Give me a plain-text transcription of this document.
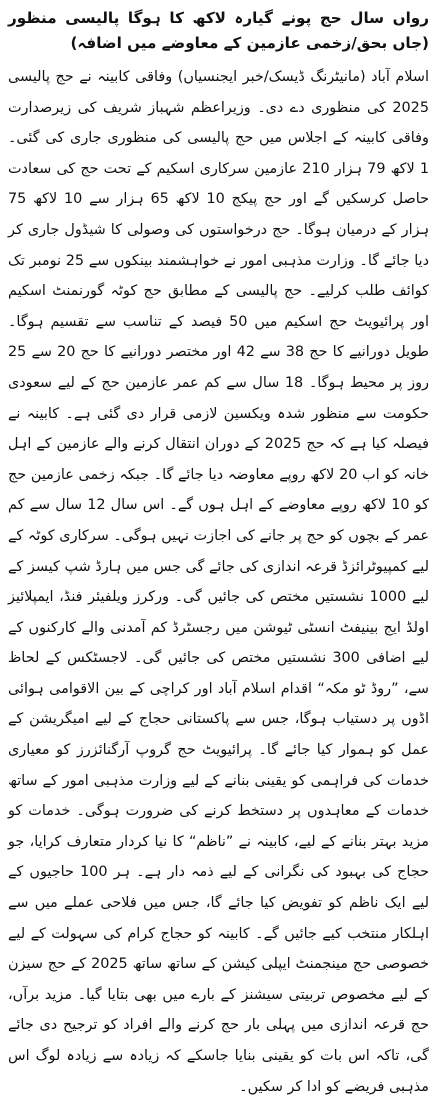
رواں سال حج پونے گیارہ لاکھ کا ہوگا پالیسی منظور (جاں بحق/زخمی عازمین کے معاوضے میں اضافہ)

اسلام آباد (مانیٹرنگ ڈیسک/خبر ایجنسیاں) وفاقی کابینہ نے حج پالیسی 2025 کی منظوری دے دی۔ وزیراعظم شہباز شریف کی زیرصدارت وفاقی کابینہ کے اجلاس میں حج پالیسی کی منظوری جاری کی گئی۔ 1 لاکھ 79 ہزار 210 عازمین سرکاری اسکیم کے تحت حج کی سعادت حاصل کرسکیں گے اور حج پیکج 10 لاکھ 65 ہزار سے 10 لاکھ 75 ہزار کے درمیان ہوگا۔ حج درخواستوں کی وصولی کا شیڈول جاری کر دیا جائے گا۔ وزارت مذہبی امور نے خواہشمند بینکوں سے 25 نومبر تک کوائف طلب کرلیے۔ حج پالیسی کے مطابق حج کوٹہ گورنمنٹ اسکیم اور پرائیویٹ حج اسکیم میں 50 فیصد کے تناسب سے تقسیم ہوگا۔ طویل دورانیے کا حج 38 سے 42 اور مختصر دورانیے کا حج 20 سے 25 روز پر محیط ہوگا۔ 18 سال سے کم عمر عازمین حج کے لیے سعودی حکومت سے منظور شدہ ویکسین لازمی قرار دی گئی ہے۔ کابینہ نے فیصلہ کیا ہے کہ حج 2025 کے دوران انتقال کرنے والے عازمین کے اہل خانہ کو اب 20 لاکھ روپے معاوضہ دیا جائے گا۔ جبکہ زخمی عازمین حج کو 10 لاکھ روپے معاوضے کے اہل ہوں گے۔ اس سال 12 سال سے کم عمر کے بچوں کو حج پر جانے کی اجازت نہیں ہوگی۔ سرکاری کوٹہ کے لیے کمپیوٹرائزڈ قرعہ اندازی کی جائے گی جس میں ہارڈ شپ کیسز کے لیے 1000 نشستیں مختص کی جائیں گی۔ ورکرز ویلفیئر فنڈ، ایمپلائیز اولڈ ایج بینیفٹ انسٹی ٹیوشن میں رجسٹرڈ کم آمدنی والے کارکنوں کے لیے اضافی 300 نشستیں مختص کی جائیں گی۔ لاجسٹکس کے لحاظ سے، ”روڈ ٹو مکہ“ اقدام اسلام آباد اور کراچی کے بین الاقوامی ہوائی اڈوں پر دستیاب ہوگا، جس سے پاکستانی حجاج کے لیے امیگریشن کے عمل کو ہموار کیا جائے گا۔ پرائیویٹ حج گروپ آرگنائزرز کو معیاری خدمات کی فراہمی کو یقینی بنانے کے لیے وزارت مذہبی امور کے ساتھ خدمات کے معاہدوں پر دستخط کرنے کی ضرورت ہوگی۔ خدمات کو مزید بہتر بنانے کے لیے، کابینہ نے ”ناظم“ کا نیا کردار متعارف کرایا، جو حجاج کی بہبود کی نگرانی کے لیے ذمہ دار ہے۔ ہر 100 حاجیوں کے لیے ایک ناظم کو تفویض کیا جائے گا، جس میں فلاحی عملے میں سے اہلکار منتخب کیے جائیں گے۔ کابینہ کو حجاج کرام کی سہولت کے لیے خصوصی حج مینجمنٹ ایپلی کیشن کے ساتھ ساتھ 2025 کے حج سیزن کے لیے مخصوص تربیتی سیشنز کے بارے میں بھی بتایا گیا۔ مزید برآں، حج قرعہ اندازی میں پہلی بار حج کرنے والے افراد کو ترجیح دی جائے گی، تاکہ اس بات کو یقینی بنایا جاسکے کہ زیادہ سے زیادہ لوگ اس مذہبی فریضے کو ادا کر سکیں۔
